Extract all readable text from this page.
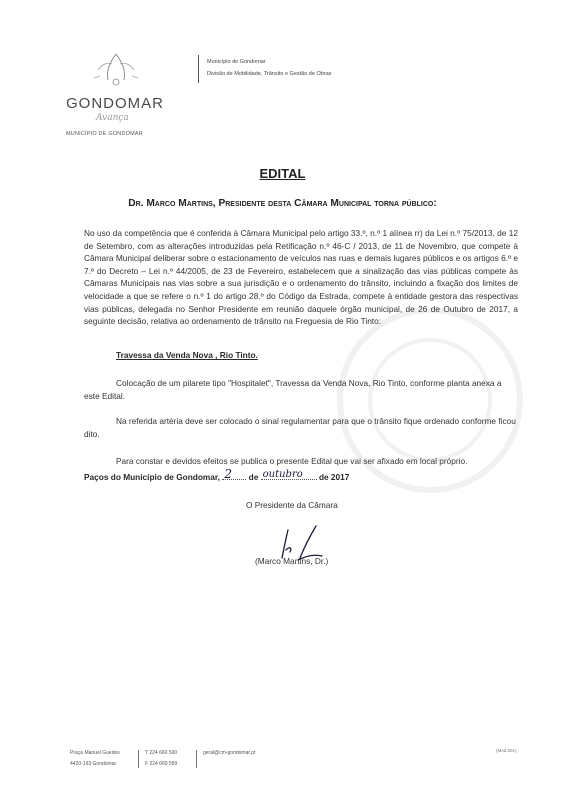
GONDOMAR
Avança
MUNICÍPIO DE GONDOMAR
Município de Gondomar
Divisão de Mobilidade, Trânsito e Gestão de Obras
EDITAL
Dr. Marco Martins, Presidente desta Câmara Municipal torna público:
No uso da competência que é conferida à Câmara Municipal pelo artigo 33.º, n.º 1 alínea rr) da Lei n.º 75/2013, de 12 de Setembro, com as alterações introduzidas pela Retificação n.º 46-C / 2013, de 11 de Novembro, que compete à Câmara Municipal deliberar sobre o estacionamento de veículos nas ruas e demais lugares públicos e os artigos 6.º e 7.º do Decreto – Lei n.º 44/2005, de 23 de Fevereiro, estabelecem que a sinalização das vias públicas compete às Câmaras Municipais nas vias sobre a sua jurisdição e o ordenamento do trânsito, incluindo a fixação dos limites de velocidade a que se refere o n.º 1 do artigo 28.º do Código da Estrada, compete à entidade gestora das respectivas vias públicas, delegada no Senhor Presidente em reunião daquele órgão municipal, de 26 de Outubro de 2017, a seguinte decisão, relativa ao ordenamento de trânsito na Freguesia de Rio Tinto:
Travessa da Venda Nova , Rio Tinto.
Colocação de um pilarete tipo "Hospitalet", Travessa da Venda Nova, Rio Tinto, conforme planta anexa a este Edital.
Na referida artéria deve ser colocado o sinal regulamentar para que o trânsito fique ordenado conforme ficou dito.
Para constar e devidos efeitos se publica o presente Edital que vai ser afixado em local próprio.
Paços do Município de Gondomar, 2 de outubro de 2017
O Presidente da Câmara
(Marco Martins, Dr.)
Praça Manuel Guedes
4420-193 Gondomar
T 224 660 500
F 224 660 599
geral@cm-gondomar.pt	(Mod.001)
